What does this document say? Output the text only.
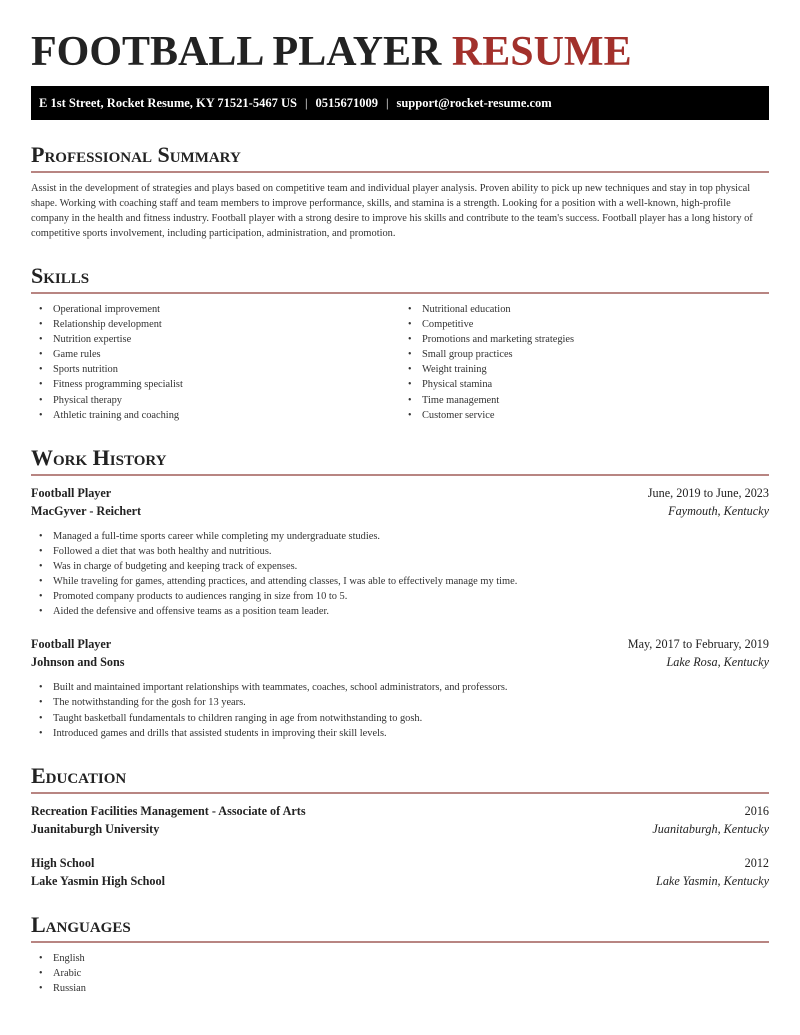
FOOTBALL PLAYER RESUME
E 1st Street, Rocket Resume, KY 71521-5467 US | 0515671009 | support@rocket-resume.com
Professional Summary

Assist in the development of strategies and plays based on competitive team and individual player analysis. Proven ability to pick up new techniques and stay in top physical shape. Working with coaching staff and team members to improve performance, skills, and stamina is a strength. Looking for a position with a well-known, high-profile company in the health and fitness industry. Football player with a strong desire to improve his skills and contribute to the team's success. Football player has a long history of competitive sports involvement, including participation, administration, and promotion.

Skills
• Operational improvement
• Relationship development
• Nutrition expertise
• Game rules
• Sports nutrition
• Fitness programming specialist
• Physical therapy
• Athletic training and coaching
• Nutritional education
• Competitive
• Promotions and marketing strategies
• Small group practices
• Weight training
• Physical stamina
• Time management
• Customer service
Work History
Football Player	June, 2019 to June, 2023
MacGyver - Reichert	Faymouth, Kentucky
• Managed a full-time sports career while completing my undergraduate studies.
• Followed a diet that was both healthy and nutritious.
• Was in charge of budgeting and keeping track of expenses.
• While traveling for games, attending practices, and attending classes, I was able to effectively manage my time.
• Promoted company products to audiences ranging in size from 10 to 5.
• Aided the defensive and offensive teams as a position team leader.
Football Player	May, 2017 to February, 2019
Johnson and Sons	Lake Rosa, Kentucky
• Built and maintained important relationships with teammates, coaches, school administrators, and professors.
• The notwithstanding for the gosh for 13 years.
• Taught basketball fundamentals to children ranging in age from notwithstanding to gosh.
• Introduced games and drills that assisted students in improving their skill levels.
Education
Recreation Facilities Management - Associate of Arts	2016
Juanitaburgh University	Juanitaburgh, Kentucky
High School	2012
Lake Yasmin High School	Lake Yasmin, Kentucky
Languages
• English
• Arabic
• Russian
